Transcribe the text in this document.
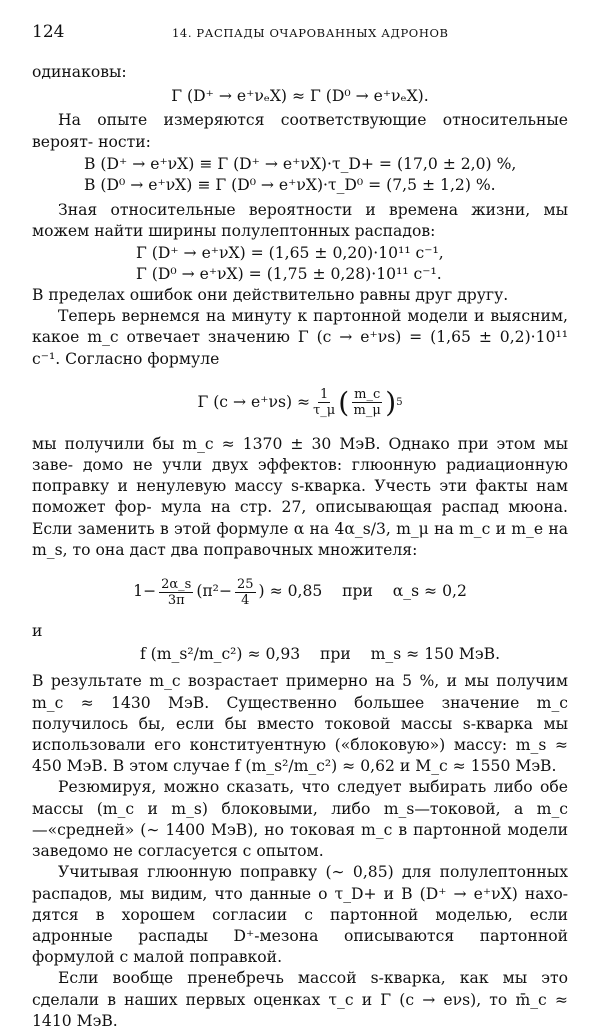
124	14. РАСПАДЫ ОЧАРОВАННЫХ АДРОНОВ

одинаковы:

Γ (D⁺ → e⁺νₑX) ≈ Γ (D⁰ → e⁺νₑX).

На опыте измеряются соответствующие относительные вероят- ности:

B (D⁺ → e⁺νX) ≡ Γ (D⁺ → e⁺νX)·τ_D+ = (17,0 ± 2,0) %,
B (D⁰ → e⁺νX) ≡ Γ (D⁰ → e⁺νX)·τ_D⁰ = (7,5 ± 1,2) %.

Зная относительные вероятности и времена жизни, мы можем найти ширины полулептонных распадов:

Γ (D⁺ → e⁺νX) = (1,65 ± 0,20)·10¹¹ c⁻¹,
Γ (D⁰ → e⁺νX) = (1,75 ± 0,28)·10¹¹ c⁻¹.

В пределах ошибок они действительно равны друг другу.

Теперь вернемся на минуту к партонной модели и выясним, какое m_c отвечает значению Γ (c → e⁺νs) = (1,65 ± 0,2)·10¹¹ c⁻¹. Согласно формуле

Γ $(c \to e^+\nu s) \approx \frac{1}{\tau\_\mu}$ ( $\frac{m\_c}{m\_\mu}$ ) 5

мы получили бы m_c ≈ 1370 ± 30 МэВ. Однако при этом мы заве- домо не учли двух эффектов: глюонную радиационную поправку и ненулевую массу s-кварка. Учесть эти факты нам поможет фор- мула на стр. 27, описывающая распад мюона. Если заменить в этой формуле α на 4α_s/3, m_μ на m_c и m_e на m_s, то она даст два поправочных множителя:

$1- \frac{2\alpha\_s}{3\pi} (\pi^2- \frac{25}{4}$ ) ≈ 0,85    при    α_s ≈ 0,2

и

f (m_s²/m_c²) ≈ 0,93    при    m_s ≈ 150 МэВ.

В результате m_c возрастает примерно на 5 %, и мы получим m_c ≈ 1430 МэВ. Существенно большее значение m_c получилось бы, если бы вместо токовой массы s-кварка мы использовали его конституентную («блоковую») массу: m_s ≈ 450 МэВ. В этом случае f (m_s²/m_c²) ≈ 0,62 и M_c ≈ 1550 МэВ.

Резюмируя, можно сказать, что следует выбирать либо обе массы (m_c и m_s) блоковыми, либо m_s—токовой, а m_c—«средней» (∼ 1400 МэВ), но токовая m_c в партонной модели заведомо не согласуется с опытом.

Учитывая глюонную поправку (∼ 0,85) для полулептонных распадов, мы видим, что данные о τ_D+ и B (D⁺ → e⁺νX) нахо- дятся в хорошем согласии с партонной моделью, если адронные распады D⁺-мезона описываются партонной формулой с малой поправкой.

Если вообще пренебречь массой s-кварка, как мы это сделали в наших первых оценках τ_c и Γ (c → eνs), то m̄_c ≈ 1410 МэВ.
